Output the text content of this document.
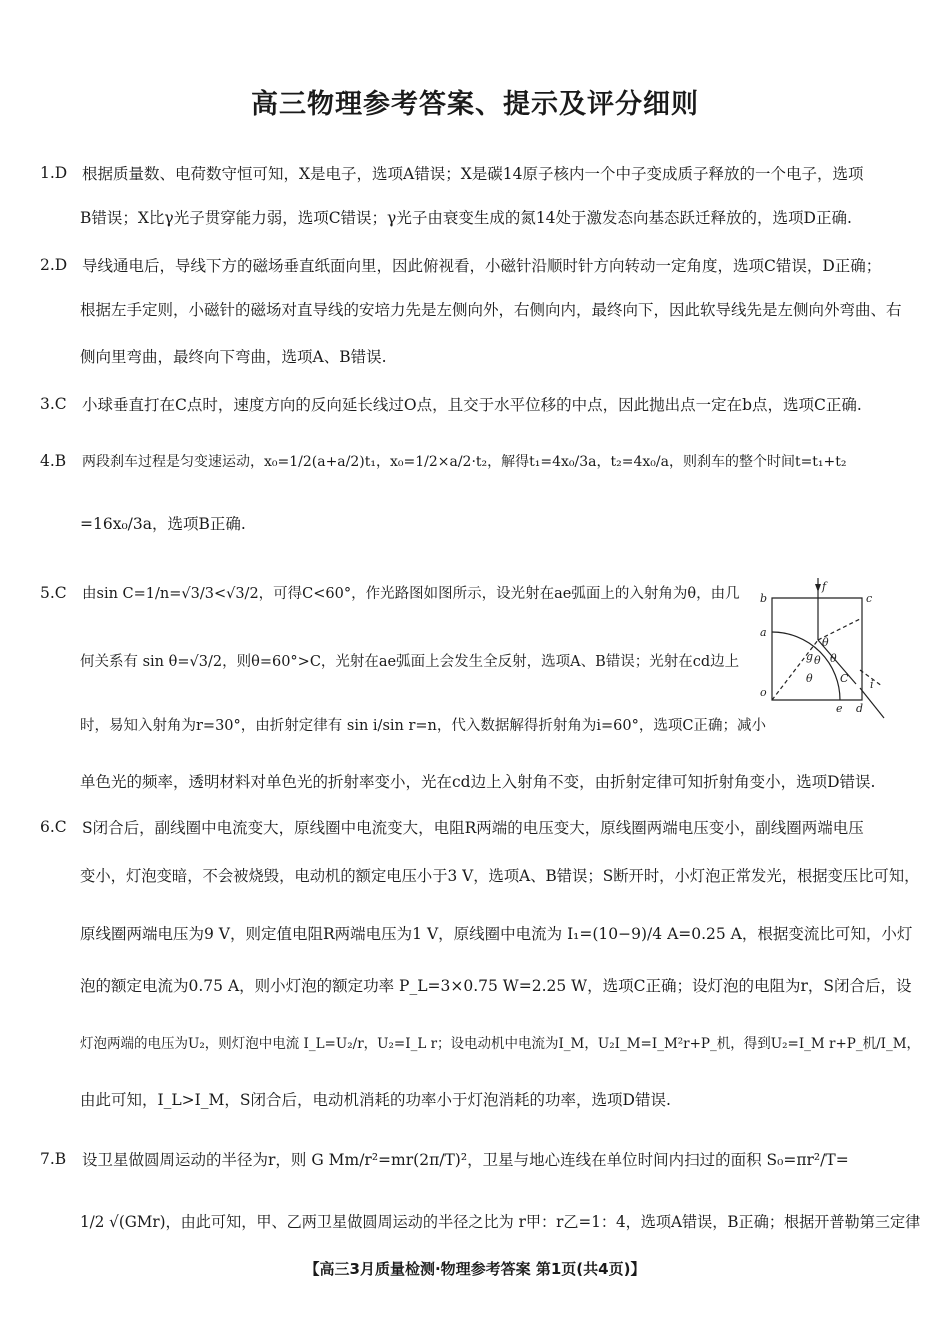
高三物理参考答案、提示及评分细则
1.D 根据质量数、电荷数守恒可知，X是电子，选项A错误；X是碳14原子核内一个中子变成质子释放的一个电子，选项
B错误；X比γ光子贯穿能力弱，选项C错误；γ光子由衰变生成的氮14处于激发态向基态跃迁释放的，选项D正确.
2.D 导线通电后，导线下方的磁场垂直纸面向里，因此俯视看，小磁针沿顺时针方向转动一定角度，选项C错误，D正确；
根据左手定则，小磁针的磁场对直导线的安培力先是左侧向外，右侧向内，最终向下，因此软导线先是左侧向外弯曲、右
侧向里弯曲，最终向下弯曲，选项A、B错误.
3.C 小球垂直打在C点时，速度方向的反向延长线过O点，且交于水平位移的中点，因此抛出点一定在b点，选项C正确.
4.B 两段刹车过程是匀变速运动，x₀=1/2(a+a/2)t₁，x₀=1/2×a/2·t₂，解得t₁=4x₀/3a，t₂=4x₀/a，则刹车的整个时间t=t₁+t₂
=16x₀/3a，选项B正确.
5.C 由sin C=1/n=√3/3<√3/2，可得C<60°，作光路图如图所示，设光射在ae弧面上的入射角为θ，由几
何关系有 sin θ=√3/2，则θ=60°>C，光射在ae弧面上会发生全反射，选项A、B错误；光射在cd边上
时，易知入射角为r=30°，由折射定律有 sin i/sin r=n，代入数据解得折射角为i=60°，选项C正确；减小
单色光的频率，透明材料对单色光的折射率变小，光在cd边上入射角不变，由折射定律可知折射角变小，选项D错误.
b
f
c
a
θ
g θ θ
C
θ	i
o
e d
6.C S闭合后，副线圈中电流变大，原线圈中电流变大，电阻R两端的电压变大，原线圈两端电压变小，副线圈两端电压
变小，灯泡变暗，不会被烧毁，电动机的额定电压小于3 V，选项A、B错误；S断开时，小灯泡正常发光，根据变压比可知，
原线圈两端电压为9 V，则定值电阻R两端电压为1 V，原线圈中电流为 I₁=(10−9)/4 A=0.25 A，根据变流比可知，小灯
泡的额定电流为0.75 A，则小灯泡的额定功率 P_L=3×0.75 W=2.25 W，选项C正确；设灯泡的电阻为r，S闭合后，设
灯泡两端的电压为U₂，则灯泡中电流 I_L=U₂/r，U₂=I_L r；设电动机中电流为I_M，U₂I_M=I_M²r+P_机，得到U₂=I_M r+P_机/I_M，
由此可知，I_L>I_M，S闭合后，电动机消耗的功率小于灯泡消耗的功率，选项D错误.
7.B 设卫星做圆周运动的半径为r，则 G Mm/r²=mr(2π/T)²，卫星与地心连线在单位时间内扫过的面积 S₀=πr²/T=
1/2 √(GMr)，由此可知，甲、乙两卫星做圆周运动的半径之比为 r甲：r乙=1：4，选项A错误，B正确；根据开普勒第三定律
【高三3月质量检测·物理参考答案 第1页(共4页)】
